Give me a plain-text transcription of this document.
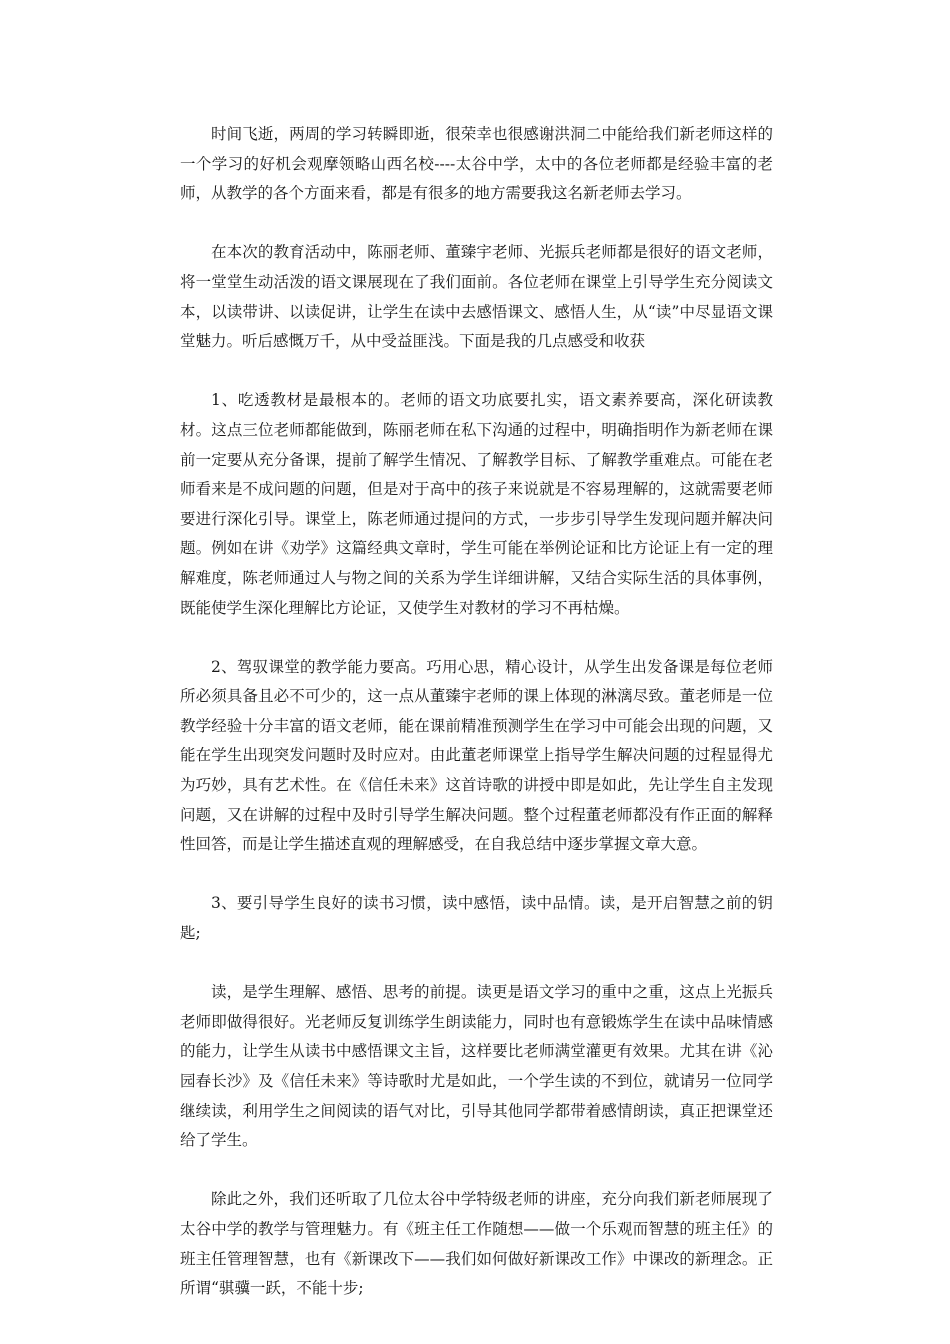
时间飞逝，两周的学习转瞬即逝，很荣幸也很感谢洪洞二中能给我们新老师这样的一个学习的好机会观摩领略山西名校----太谷中学，太中的各位老师都是经验丰富的老师，从教学的各个方面来看，都是有很多的地方需要我这名新老师去学习。

在本次的教育活动中，陈丽老师、董臻宇老师、光振兵老师都是很好的语文老师，将一堂堂生动活泼的语文课展现在了我们面前。各位老师在课堂上引导学生充分阅读文本，以读带讲、以读促讲，让学生在读中去感悟课文、感悟人生，从“读”中尽显语文课堂魅力。听后感慨万千，从中受益匪浅。下面是我的几点感受和收获

1、吃透教材是最根本的。老师的语文功底要扎实，语文素养要高，深化研读教材。这点三位老师都能做到，陈丽老师在私下沟通的过程中，明确指明作为新老师在课前一定要从充分备课，提前了解学生情况、了解教学目标、了解教学重难点。可能在老师看来是不成问题的问题，但是对于高中的孩子来说就是不容易理解的，这就需要老师要进行深化引导。课堂上，陈老师通过提问的方式，一步步引导学生发现问题并解决问题。例如在讲《劝学》这篇经典文章时，学生可能在举例论证和比方论证上有一定的理解难度，陈老师通过人与物之间的关系为学生详细讲解，又结合实际生活的具体事例，既能使学生深化理解比方论证，又使学生对教材的学习不再枯燥。

2、驾驭课堂的教学能力要高。巧用心思，精心设计，从学生出发备课是每位老师所必须具备且必不可少的，这一点从董臻宇老师的课上体现的淋漓尽致。董老师是一位教学经验十分丰富的语文老师，能在课前精准预测学生在学习中可能会出现的问题，又能在学生出现突发问题时及时应对。由此董老师课堂上指导学生解决问题的过程显得尤为巧妙，具有艺术性。在《信任未来》这首诗歌的讲授中即是如此，先让学生自主发现问题，又在讲解的过程中及时引导学生解决问题。整个过程董老师都没有作正面的解释性回答，而是让学生描述直观的理解感受，在自我总结中逐步掌握文章大意。

3、要引导学生良好的读书习惯，读中感悟，读中品情。读，是开启智慧之前的钥匙;

读，是学生理解、感悟、思考的前提。读更是语文学习的重中之重，这点上光振兵老师即做得很好。光老师反复训练学生朗读能力，同时也有意锻炼学生在读中品味情感的能力，让学生从读书中感悟课文主旨，这样要比老师满堂灌更有效果。尤其在讲《沁园春长沙》及《信任未来》等诗歌时尤是如此，一个学生读的不到位，就请另一位同学继续读，利用学生之间阅读的语气对比，引导其他同学都带着感情朗读，真正把课堂还给了学生。

除此之外，我们还听取了几位太谷中学特级老师的讲座，充分向我们新老师展现了太谷中学的教学与管理魅力。有《班主任工作随想——做一个乐观而智慧的班主任》的班主任管理智慧，也有《新课改下——我们如何做好新课改工作》中课改的新理念。正所谓“骐骥一跃，不能十步;
